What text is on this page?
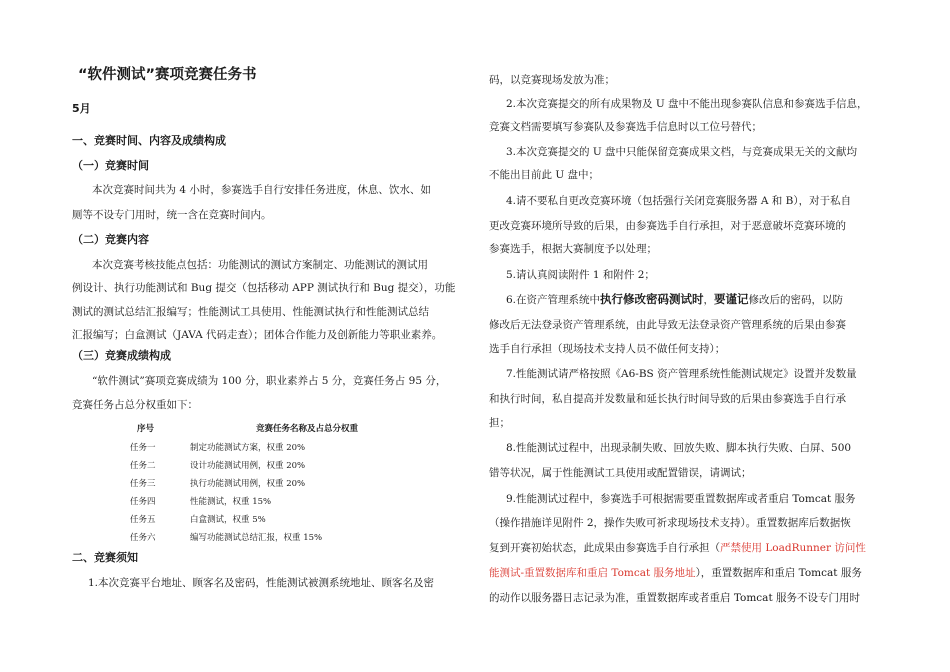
“软件测试”赛项竞赛任务书
5月
一、竞赛时间、内容及成绩构成
（一）竞赛时间
本次竞赛时间共为 4 小时，参赛选手自行安排任务进度，休息、饮水、如
厕等不设专门用时，统一含在竞赛时间内。
（二）竞赛内容
本次竞赛考核技能点包括：功能测试的测试方案制定、功能测试的测试用
例设计、执行功能测试和 Bug 提交（包括移动 APP 测试执行和 Bug 提交），功能
测试的测试总结汇报编写；性能测试工具使用、性能测试执行和性能测试总结
汇报编写；白盒测试（JAVA 代码走查）；团体合作能力及创新能力等职业素养。
（三）竞赛成绩构成
“软件测试”赛项竞赛成绩为 100 分，职业素养占 5 分，竞赛任务占 95 分，
竞赛任务占总分权重如下：
序号	竞赛任务名称及占总分权重
任务一	制定功能测试方案，权重 20%
任务二	设计功能测试用例，权重 20%
任务三	执行功能测试用例，权重 20%
任务四	性能测试，权重 15%
任务五	白盒测试，权重 5%
任务六	编写功能测试总结汇报，权重 15%
二、竞赛须知
1.本次竞赛平台地址、顾客名及密码，性能测试被测系统地址、顾客名及密
码，以竞赛现场发放为准；
2.本次竞赛提交的所有成果物及 U 盘中不能出现参赛队信息和参赛选手信息，
竞赛文档需要填写参赛队及参赛选手信息时以工位号替代；
3.本次竞赛提交的 U 盘中只能保留竞赛成果文档，与竞赛成果无关的文献均
不能出目前此 U 盘中；
4.请不要私自更改竞赛环境（包括强行关闭竞赛服务器 A 和 B），对于私自
更改竞赛环境所导致的后果，由参赛选手自行承担，对于恶意破坏竞赛环境的
参赛选手，根据大赛制度予以处理；
5.请认真阅读附件 1 和附件 2；
6.在资产管理系统中执行修改密码测试时，要谨记修改后的密码，以防
修改后无法登录资产管理系统，由此导致无法登录资产管理系统的后果由参赛
选手自行承担（现场技术支持人员不做任何支持）；
7.性能测试请严格按照《A6-BS 资产管理系统性能测试规定》设置并发数量
和执行时间，私自提高并发数量和延长执行时间导致的后果由参赛选手自行承
担；
8.性能测试过程中，出现录制失败、回放失败、脚本执行失败、白屏、500
错等状况，属于性能测试工具使用或配置错误，请调试；
9.性能测试过程中，参赛选手可根据需要重置数据库或者重启 Tomcat 服务
（操作措施详见附件 2，操作失败可祈求现场技术支持）。重置数据库后数据恢
复到开赛初始状态，此成果由参赛选手自行承担（严禁使用 LoadRunner 访问性
能测试-重置数据库和重启 Tomcat 服务地址），重置数据库和重启 Tomcat 服务
的动作以服务器日志记录为准，重置数据库或者重启 Tomcat 服务不设专门用时
